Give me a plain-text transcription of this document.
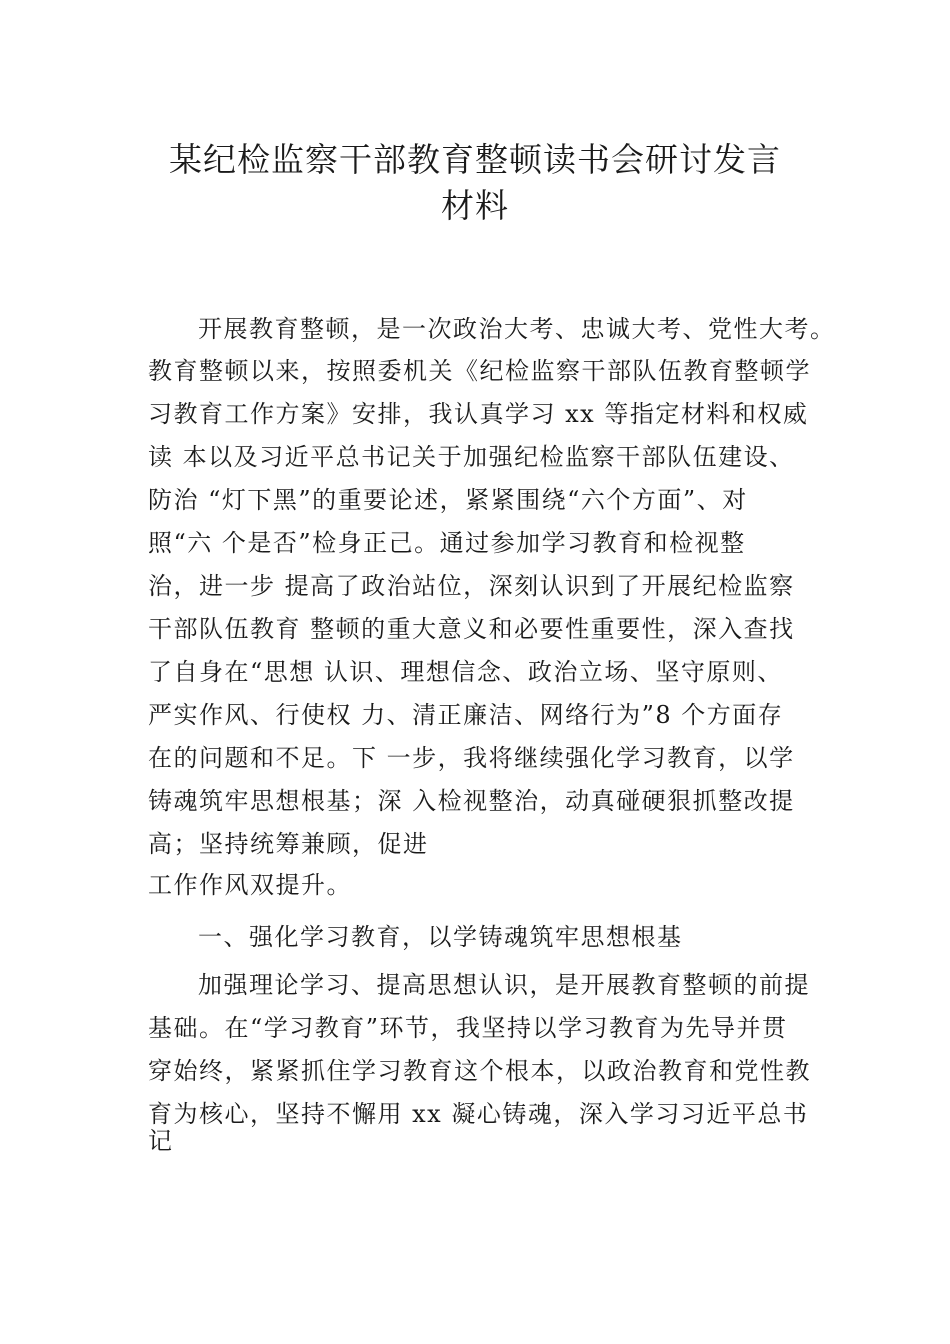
某纪检监察干部教育整顿读书会研讨发言
材料
开展教育整顿，是一次政治大考、忠诚大考、党性大考。
教育整顿以来，按照委机关《纪检监察干部队伍教育整顿学
习教育工作方案》安排，我认真学习 xx 等指定材料和权威
读 本以及习近平总书记关于加强纪检监察干部队伍建设、
防治 “灯下黑”的重要论述，紧紧围绕“六个方面”、对
照“六 个是否”检身正己。通过参加学习教育和检视整
治，进一步 提高了政治站位，深刻认识到了开展纪检监察
干部队伍教育 整顿的重大意义和必要性重要性，深入查找
了自身在“思想 认识、理想信念、政治立场、坚守原则、
严实作风、行使权 力、清正廉洁、网络行为”8 个方面存
在的问题和不足。下 一步，我将继续强化学习教育，以学
铸魂筑牢思想根基；深 入检视整治，动真碰硬狠抓整改提
高；坚持统筹兼顾，促进
工作作风双提升。
一、强化学习教育，以学铸魂筑牢思想根基
加强理论学习、提高思想认识，是开展教育整顿的前提
基础。在“学习教育”环节，我坚持以学习教育为先导并贯
穿始终，紧紧抓住学习教育这个根本，以政治教育和党性教
育为核心，坚持不懈用 xx 凝心铸魂，深入学习习近平总书
记
